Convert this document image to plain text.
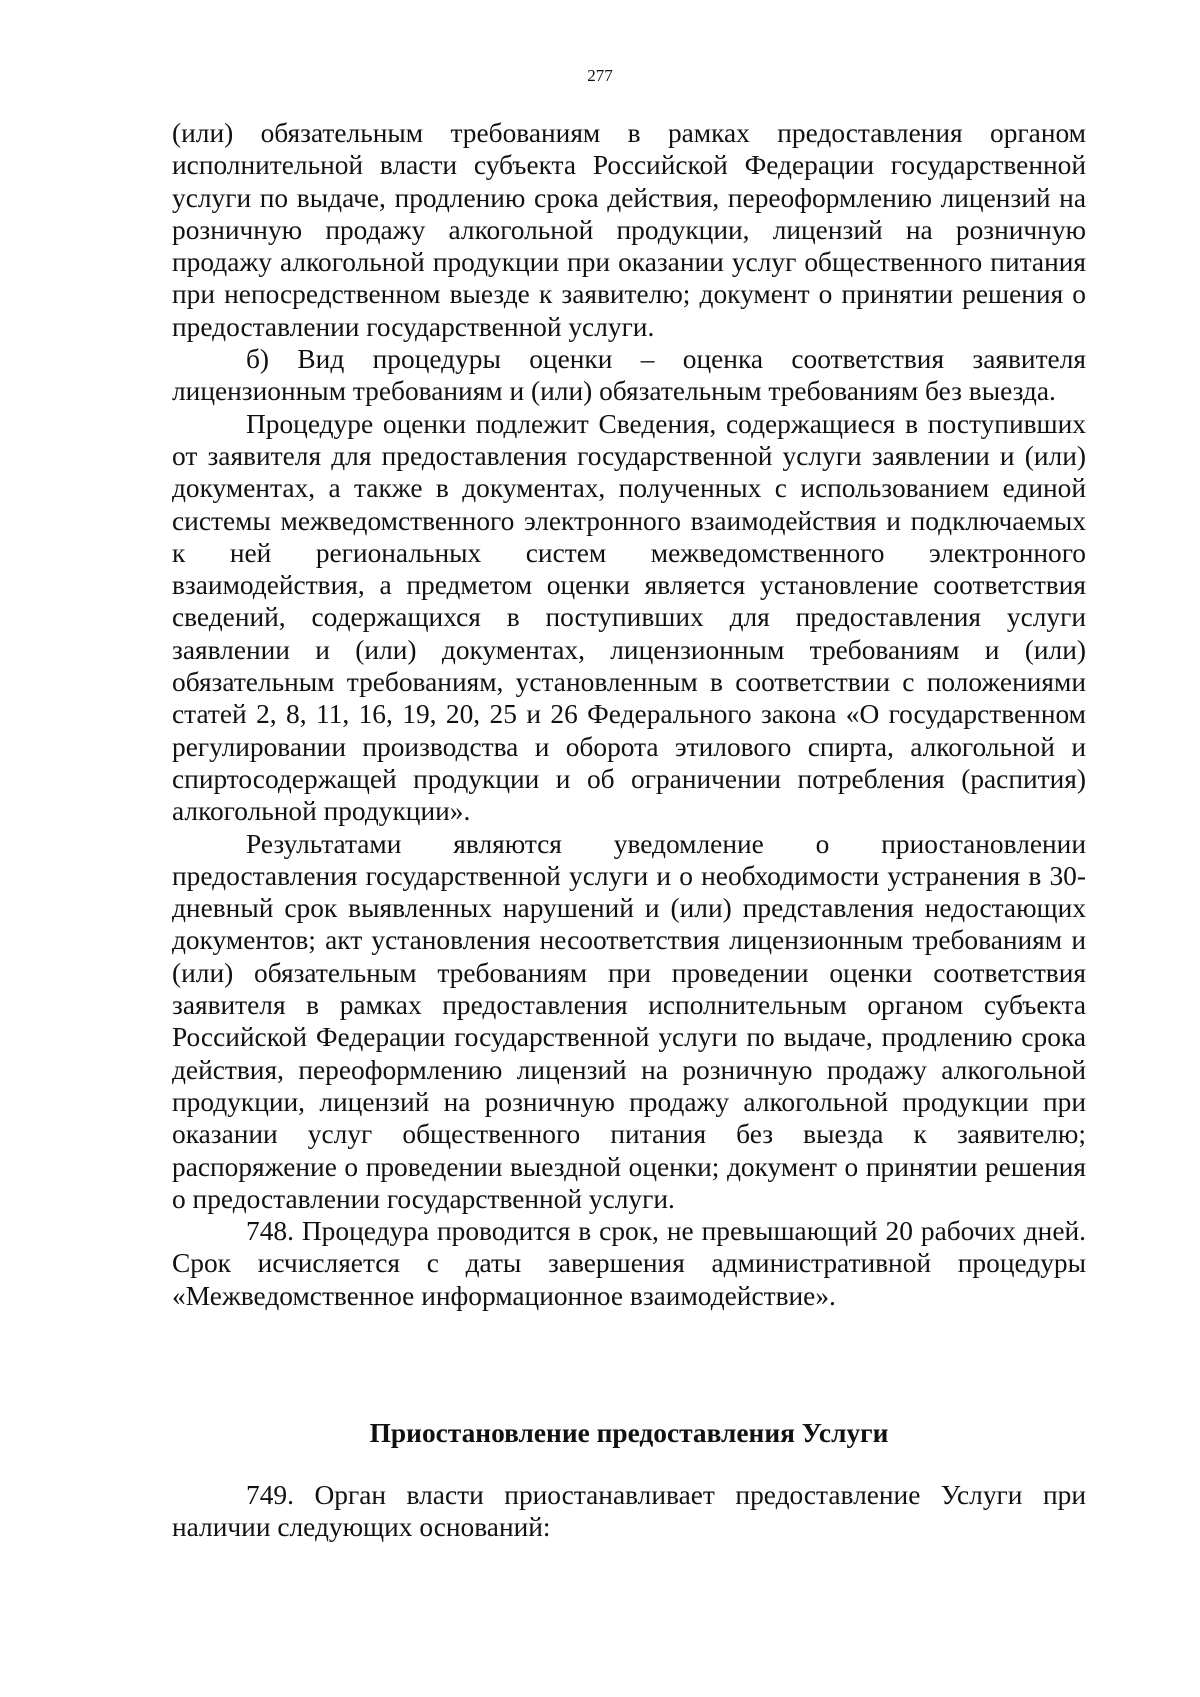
277

(или) обязательным требованиям в рамках предоставления органом исполнительной власти субъекта Российской Федерации государственной услуги по выдаче, продлению срока действия, переоформлению лицензий на розничную продажу алкогольной продукции, лицензий на розничную продажу алкогольной продукции при оказании услуг общественного питания при непосредственном выезде к заявителю; документ о принятии решения о предоставлении государственной услуги.

б) Вид процедуры оценки – оценка соответствия заявителя лицензионным требованиям и (или) обязательным требованиям без выезда.

Процедуре оценки подлежит Сведения, содержащиеся в поступивших от заявителя для предоставления государственной услуги заявлении и (или) документах, а также в документах, полученных с использованием единой системы межведомственного электронного взаимодействия и подключаемых к ней региональных систем межведомственного электронного взаимодействия, а предметом оценки является установление соответствия сведений, содержащихся в поступивших для предоставления услуги заявлении и (или) документах, лицензионным требованиям и (или) обязательным требованиям, установленным в соответствии с положениями статей 2, 8, 11, 16, 19, 20, 25 и 26 Федерального закона «О государственном регулировании производства и оборота этилового спирта, алкогольной и спиртосодержащей продукции и об ограничении потребления (распития) алкогольной продукции».

Результатами являются уведомление о приостановлении предоставления государственной услуги и о необходимости устранения в 30-дневный срок выявленных нарушений и (или) представления недостающих документов; акт установления несоответствия лицензионным требованиям и (или) обязательным требованиям при проведении оценки соответствия заявителя в рамках предоставления исполнительным органом субъекта Российской Федерации государственной услуги по выдаче, продлению срока действия, переоформлению лицензий на розничную продажу алкогольной продукции, лицензий на розничную продажу алкогольной продукции при оказании услуг общественного питания без выезда к заявителю; распоряжение о проведении выездной оценки; документ о принятии решения о предоставлении государственной услуги.

748. Процедура проводится в срок, не превышающий 20 рабочих дней. Срок исчисляется с даты завершения административной процедуры «Межведомственное информационное взаимодействие».

Приостановление предоставления Услуги

749. Орган власти приостанавливает предоставление Услуги при наличии следующих оснований:
